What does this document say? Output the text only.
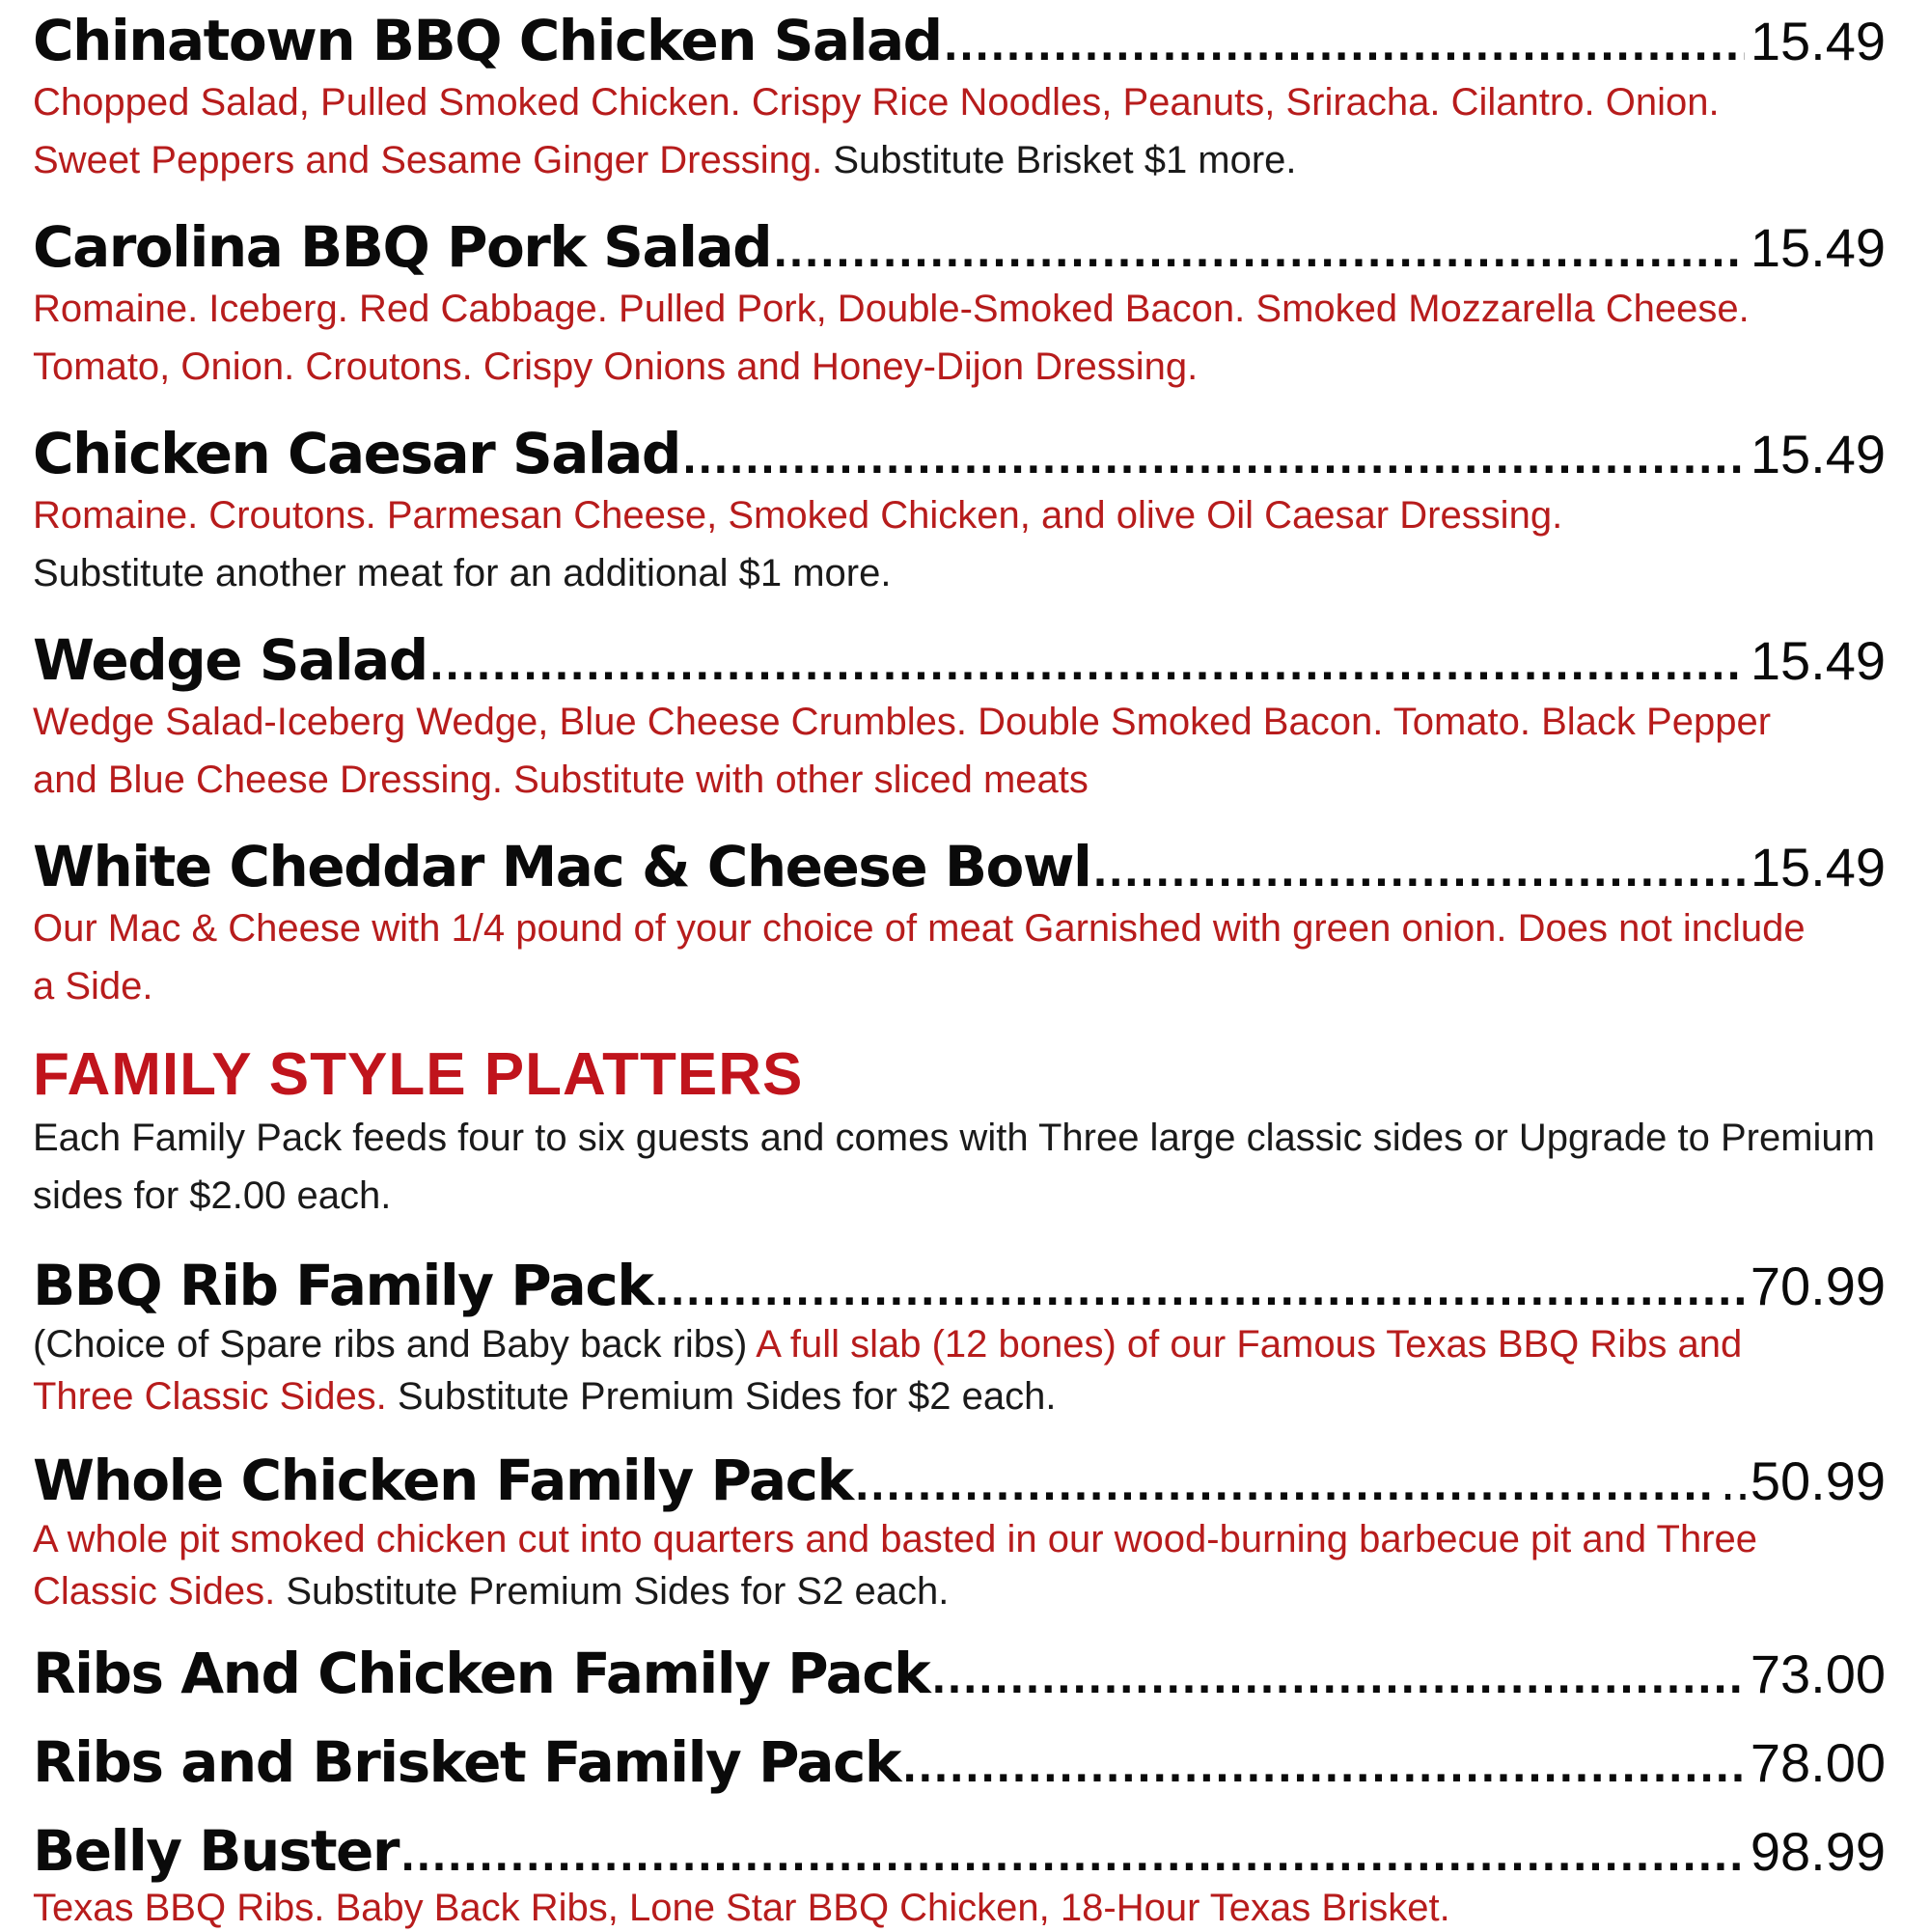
Chinatown BBQ Chicken Salad .....	15.49

Chopped Salad, Pulled Smoked Chicken. Crispy Rice Noodles, Peanuts, Sriracha. Cilantro. Onion. Sweet Peppers and Sesame Ginger Dressing. Substitute Brisket $1 more.

Carolina BBQ Pork Salad .....	15.49

Romaine. Iceberg. Red Cabbage. Pulled Pork, Double-Smoked Bacon. Smoked Mozzarella Cheese. Tomato, Onion. Croutons. Crispy Onions and Honey-Dijon Dressing.

Chicken Caesar Salad .....	15.49

Romaine. Croutons. Parmesan Cheese, Smoked Chicken, and olive Oil Caesar Dressing.
Substitute another meat for an additional $1 more.

Wedge Salad .....	15.49

Wedge Salad-Iceberg Wedge, Blue Cheese Crumbles. Double Smoked Bacon. Tomato. Black Pepper and Blue Cheese Dressing. Substitute with other sliced meats

White Cheddar Mac & Cheese Bowl .....	15.49

Our Mac & Cheese with 1/4 pound of your choice of meat Garnished with green onion. Does not include a Side.

FAMILY STYLE PLATTERS

Each Family Pack feeds four to six guests and comes with Three large classic sides or Upgrade to Premium sides for $2.00 each.

BBQ Rib Family Pack .....	70.99

(Choice of Spare ribs and Baby back ribs) A full slab (12 bones) of our Famous Texas BBQ Ribs and Three Classic Sides. Substitute Premium Sides for $2 each.

Whole Chicken Family Pack .....	..50.99

A whole pit smoked chicken cut into quarters and basted in our wood-burning barbecue pit and Three Classic Sides. Substitute Premium Sides for S2 each.

Ribs And Chicken Family Pack .....	73.00
Ribs and Brisket Family Pack .....	78.00
Belly Buster .....	98.99

Texas BBQ Ribs. Baby Back Ribs, Lone Star BBQ Chicken, 18-Hour Texas Brisket.
